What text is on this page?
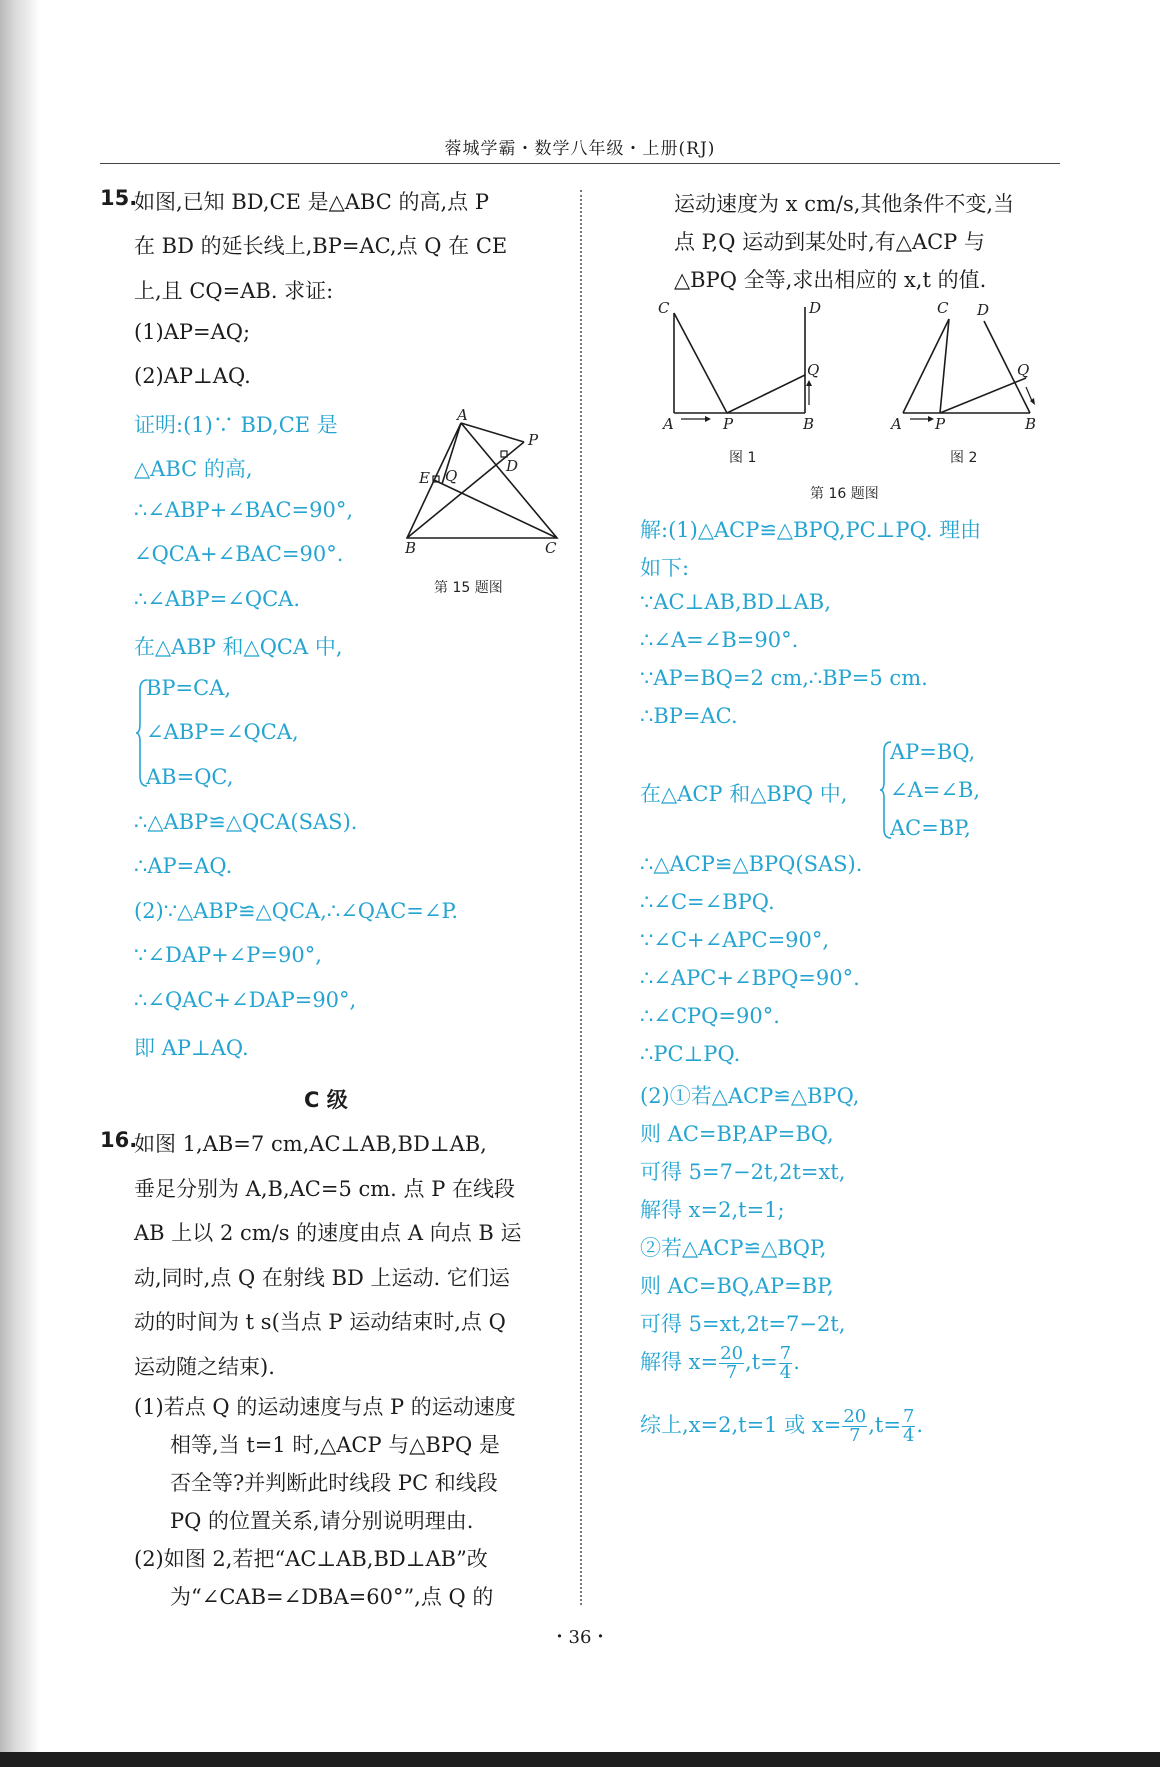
蓉城学霸・数学八年级・上册(RJ)
15.
如图,已知 BD,CE 是△ABC 的高,点 P
在 BD 的延长线上,BP=AC,点 Q 在 CE
上,且 CQ=AB. 求证:
(1)AP=AQ;
(2)AP⊥AQ.
证明:(1)∵ BD,CE 是
△ABC 的高,
∴∠ABP+∠BAC=90°,
∠QCA+∠BAC=90°.
∴∠ABP=∠QCA.
在△ABP 和△QCA 中,
BP=CA,
∠ABP=∠QCA,
AB=QC,
∴△ABP≌△QCA(SAS).
∴AP=AQ.
(2)∵△ABP≌△QCA,∴∠QAC=∠P.
∵∠DAP+∠P=90°,
∴∠QAC+∠DAP=90°,
即 AP⊥AQ.
C 级
16.
如图 1,AB=7 cm,AC⊥AB,BD⊥AB,
垂足分别为 A,B,AC=5 cm. 点 P 在线段
AB 上以 2 cm/s 的速度由点 A 向点 B 运
动,同时,点 Q 在射线 BD 上运动. 它们运
动的时间为 t s(当点 P 运动结束时,点 Q
运动随之结束).
(1)若点 Q 的运动速度与点 P 的运动速度
相等,当 t=1 时,△ACP 与△BPQ 是
否全等?并判断此时线段 PC 和线段
PQ 的位置关系,请分别说明理由.
(2)如图 2,若把“AC⊥AB,BD⊥AB”改
为“∠CAB=∠DBA=60°”,点 Q 的
A
P
E Q
D
B	C
第 15 题图
运动速度为 x cm/s,其他条件不变,当
点 P,Q 运动到某处时,有△ACP 与
△BPQ 全等,求出相应的 x,t 的值.
C	D
Q
A	P	B
图 1
C D
Q
A P	B
图 2
第 16 题图
解:(1)△ACP≌△BPQ,PC⊥PQ. 理由
如下:
∵AC⊥AB,BD⊥AB,
∴∠A=∠B=90°.
∵AP=BQ=2 cm,∴BP=5 cm.
∴BP=AC.
在△ACP 和△BPQ 中,
AP=BQ,
∠A=∠B,
AC=BP,
∴△ACP≌△BPQ(SAS).
∴∠C=∠BPQ.
∵∠C+∠APC=90°,
∴∠APC+∠BPQ=90°.
∴∠CPQ=90°.
∴PC⊥PQ.
(2)①若△ACP≌△BPQ,
则 AC=BP,AP=BQ,
可得 5=7−2t,2t=xt,
解得 x=2,t=1;
②若△ACP≌△BQP,
则 AC=BQ,AP=BP,
可得 5=xt,2t=7−2t,
解得 $x= \frac{20}{7} ,t= \frac{7}{4}$ .
综上,x=2,t=1 或 $x= \frac{20}{7} ,t= \frac{7}{4}$ .
・36・
